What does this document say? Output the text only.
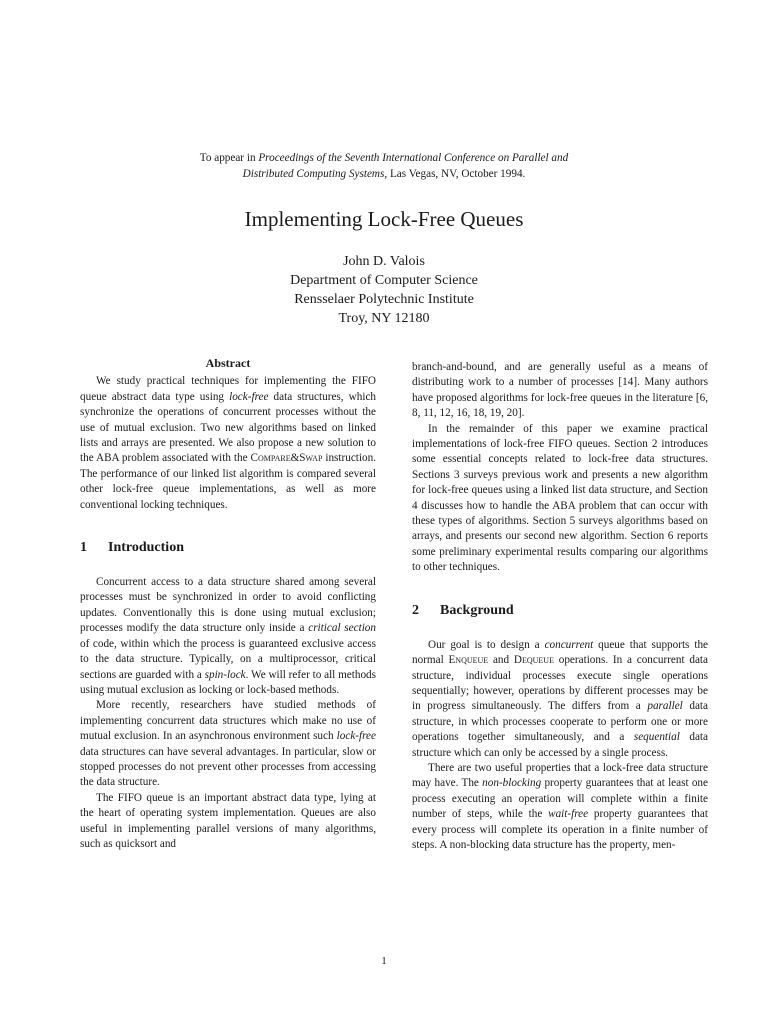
To appear in Proceedings of the Seventh International Conference on Parallel and
Distributed Computing Systems, Las Vegas, NV, October 1994.
Implementing Lock-Free Queues
John D. Valois
Department of Computer Science
Rensselaer Polytechnic Institute
Troy, NY 12180
Abstract

We study practical techniques for implementing the FIFO queue abstract data type using lock-free data structures, which synchronize the operations of concurrent processes without the use of mutual exclusion. Two new algorithms based on linked lists and arrays are presented. We also propose a new solution to the ABA problem associated with the Compare&Swap instruction. The performance of our linked list algorithm is compared several other lock-free queue implementations, as well as more conventional locking techniques.

1 Introduction

Concurrent access to a data structure shared among several processes must be synchronized in order to avoid conflicting updates. Conventionally this is done using mutual exclusion; processes modify the data structure only inside a critical section of code, within which the process is guaranteed exclusive access to the data structure. Typically, on a multiprocessor, critical sections are guarded with a spin-lock. We will refer to all methods using mutual exclusion as locking or lock-based methods.

More recently, researchers have studied methods of implementing concurrent data structures which make no use of mutual exclusion. In an asynchronous environment such lock-free data structures can have several advantages. In particular, slow or stopped processes do not prevent other processes from accessing the data structure.

The FIFO queue is an important abstract data type, lying at the heart of operating system implementation. Queues are also useful in implementing parallel versions of many algorithms, such as quicksort and

branch-and-bound, and are generally useful as a means of distributing work to a number of processes [14]. Many authors have proposed algorithms for lock-free queues in the literature [6, 8, 11, 12, 16, 18, 19, 20].

In the remainder of this paper we examine practical implementations of lock-free FIFO queues. Section 2 introduces some essential concepts related to lock-free data structures. Sections 3 surveys previous work and presents a new algorithm for lock-free queues using a linked list data structure, and Section 4 discusses how to handle the ABA problem that can occur with these types of algorithms. Section 5 surveys algorithms based on arrays, and presents our second new algorithm. Section 6 reports some preliminary experimental results comparing our algorithms to other techniques.

2 Background

Our goal is to design a concurrent queue that supports the normal Enqueue and Dequeue operations. In a concurrent data structure, individual processes execute single operations sequentially; however, operations by different processes may be in progress simultaneously. The differs from a parallel data structure, in which processes cooperate to perform one or more operations together simultaneously, and a sequential data structure which can only be accessed by a single process.

There are two useful properties that a lock-free data structure may have. The non-blocking property guarantees that at least one process executing an operation will complete within a finite number of steps, while the wait-free property guarantees that every process will complete its operation in a finite number of steps. A non-blocking data structure has the property, men-

1
